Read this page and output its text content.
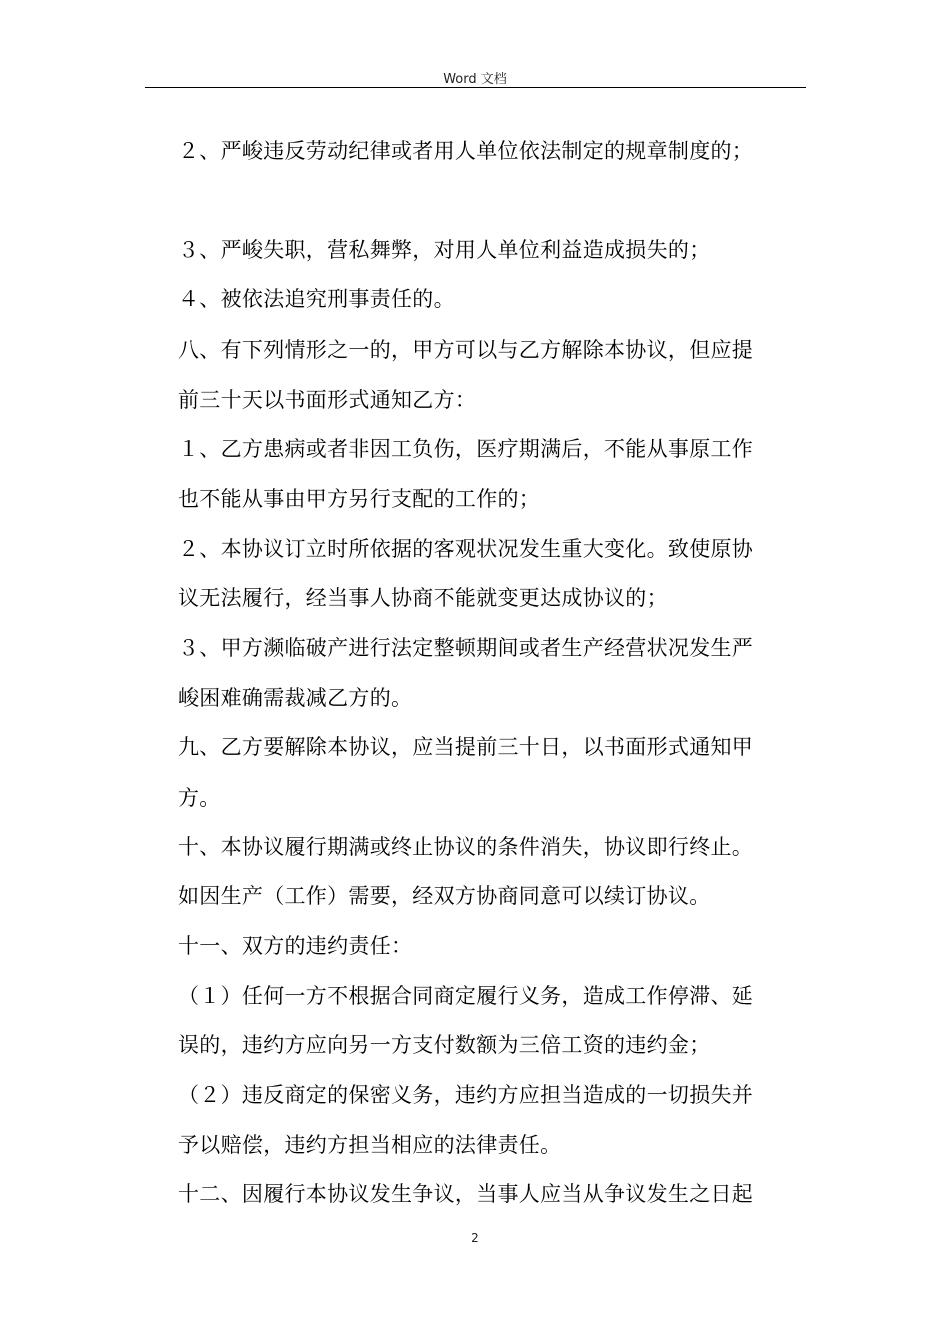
Word 文档
２、严峻违反劳动纪律或者用人单位依法制定的规章制度的；
３、严峻失职，营私舞弊，对用人单位利益造成损失的；
４、被依法追究刑事责任的。
八、有下列情形之一的，甲方可以与乙方解除本协议，但应提
前三十天以书面形式通知乙方：
１、乙方患病或者非因工负伤，医疗期满后，不能从事原工作
也不能从事由甲方另行支配的工作的；
２、本协议订立时所依据的客观状况发生重大变化。致使原协
议无法履行，经当事人协商不能就变更达成协议的；
３、甲方濒临破产进行法定整顿期间或者生产经营状况发生严
峻困难确需裁减乙方的。
九、乙方要解除本协议，应当提前三十日，以书面形式通知甲
方。
十、本协议履行期满或终止协议的条件消失，协议即行终止。
如因生产（工作）需要，经双方协商同意可以续订协议。
十一、双方的违约责任：
（１）任何一方不根据合同商定履行义务，造成工作停滞、延
误的，违约方应向另一方支付数额为三倍工资的违约金；
（２）违反商定的保密义务，违约方应担当造成的一切损失并
予以赔偿，违约方担当相应的法律责任。
十二、因履行本协议发生争议，当事人应当从争议发生之日起
2
